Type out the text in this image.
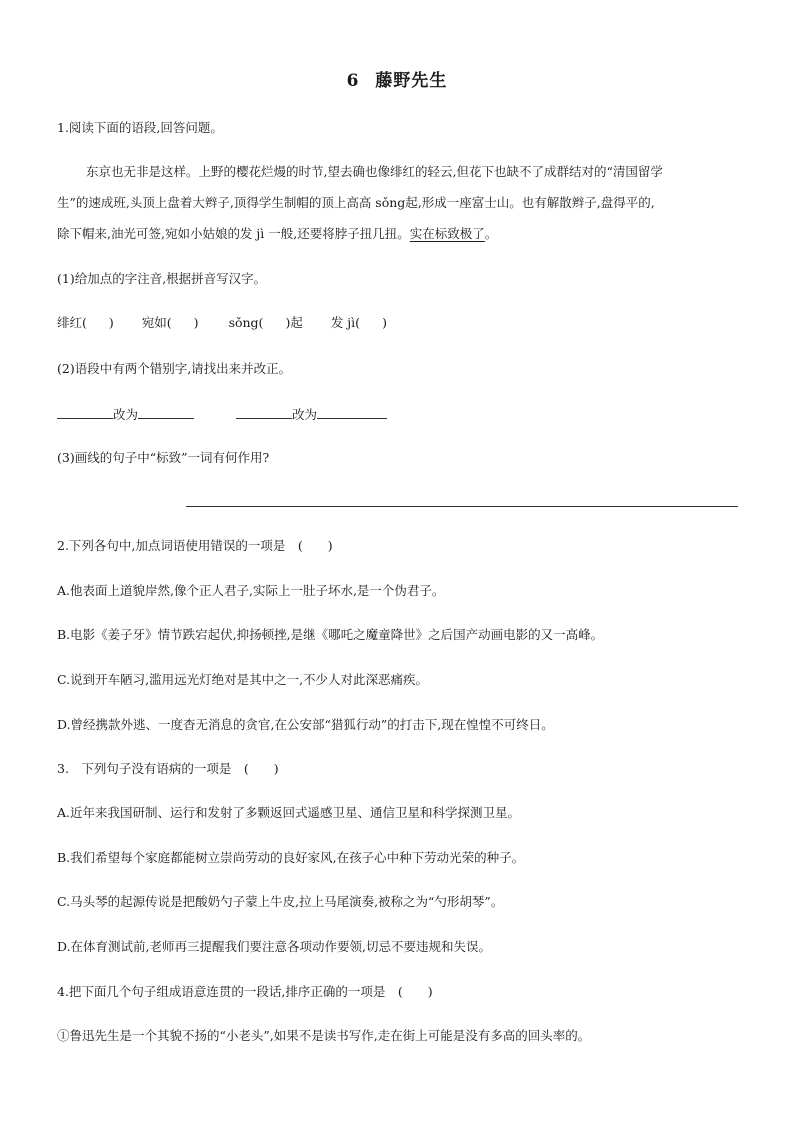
6 藤野先生
1.阅读下面的语段,回答问题。
东京也无非是这样。上野的樱花烂熳的时节,望去确也像绯红的轻云,但花下也缺不了成群结对的“清国留学
生”的速成班,头顶上盘着大辫子,顶得学生制帽的顶上高高 sǒng起,形成一座富士山。也有解散辫子,盘得平的,
除下帽来,油光可签,宛如小姑娘的发 jì 一般,还要将脖子扭几扭。实在标致极了。
(1)给加点的字注音,根据拼音写汉字。
绯红( ) 宛如( ) sǒng( )起 发 jì( )
(2)语段中有两个错别字,请找出来并改正。
改为	改为
(3)画线的句子中“标致”一词有何作用?
2.下列各句中,加点词语使用错误的一项是　(　　)
A.他表面上道貌岸然,像个正人君子,实际上一肚子坏水,是一个伪君子。
B.电影《姜子牙》情节跌宕起伏,抑扬顿挫,是继《哪吒之魔童降世》之后国产动画电影的又一高峰。
C.说到开车陋习,滥用远光灯绝对是其中之一,不少人对此深恶痛疾。
D.曾经携款外逃、一度杳无消息的贪官,在公安部“猎狐行动”的打击下,现在惶惶不可终日。
3.　下列句子没有语病的一项是　(　　)
A.近年来我国研制、运行和发射了多颗返回式遥感卫星、通信卫星和科学探测卫星。
B.我们希望每个家庭都能树立崇尚劳动的良好家风,在孩子心中种下劳动光荣的种子。
C.马头琴的起源传说是把酸奶勺子蒙上牛皮,拉上马尾演奏,被称之为“勺形胡琴”。
D.在体育测试前,老师再三提醒我们要注意各项动作要领,切忌不要违规和失误。
4.把下面几个句子组成语意连贯的一段话,排序正确的一项是　(　　)
①鲁迅先生是一个其貌不扬的“小老头”,如果不是读书写作,走在街上可能是没有多高的回头率的。
